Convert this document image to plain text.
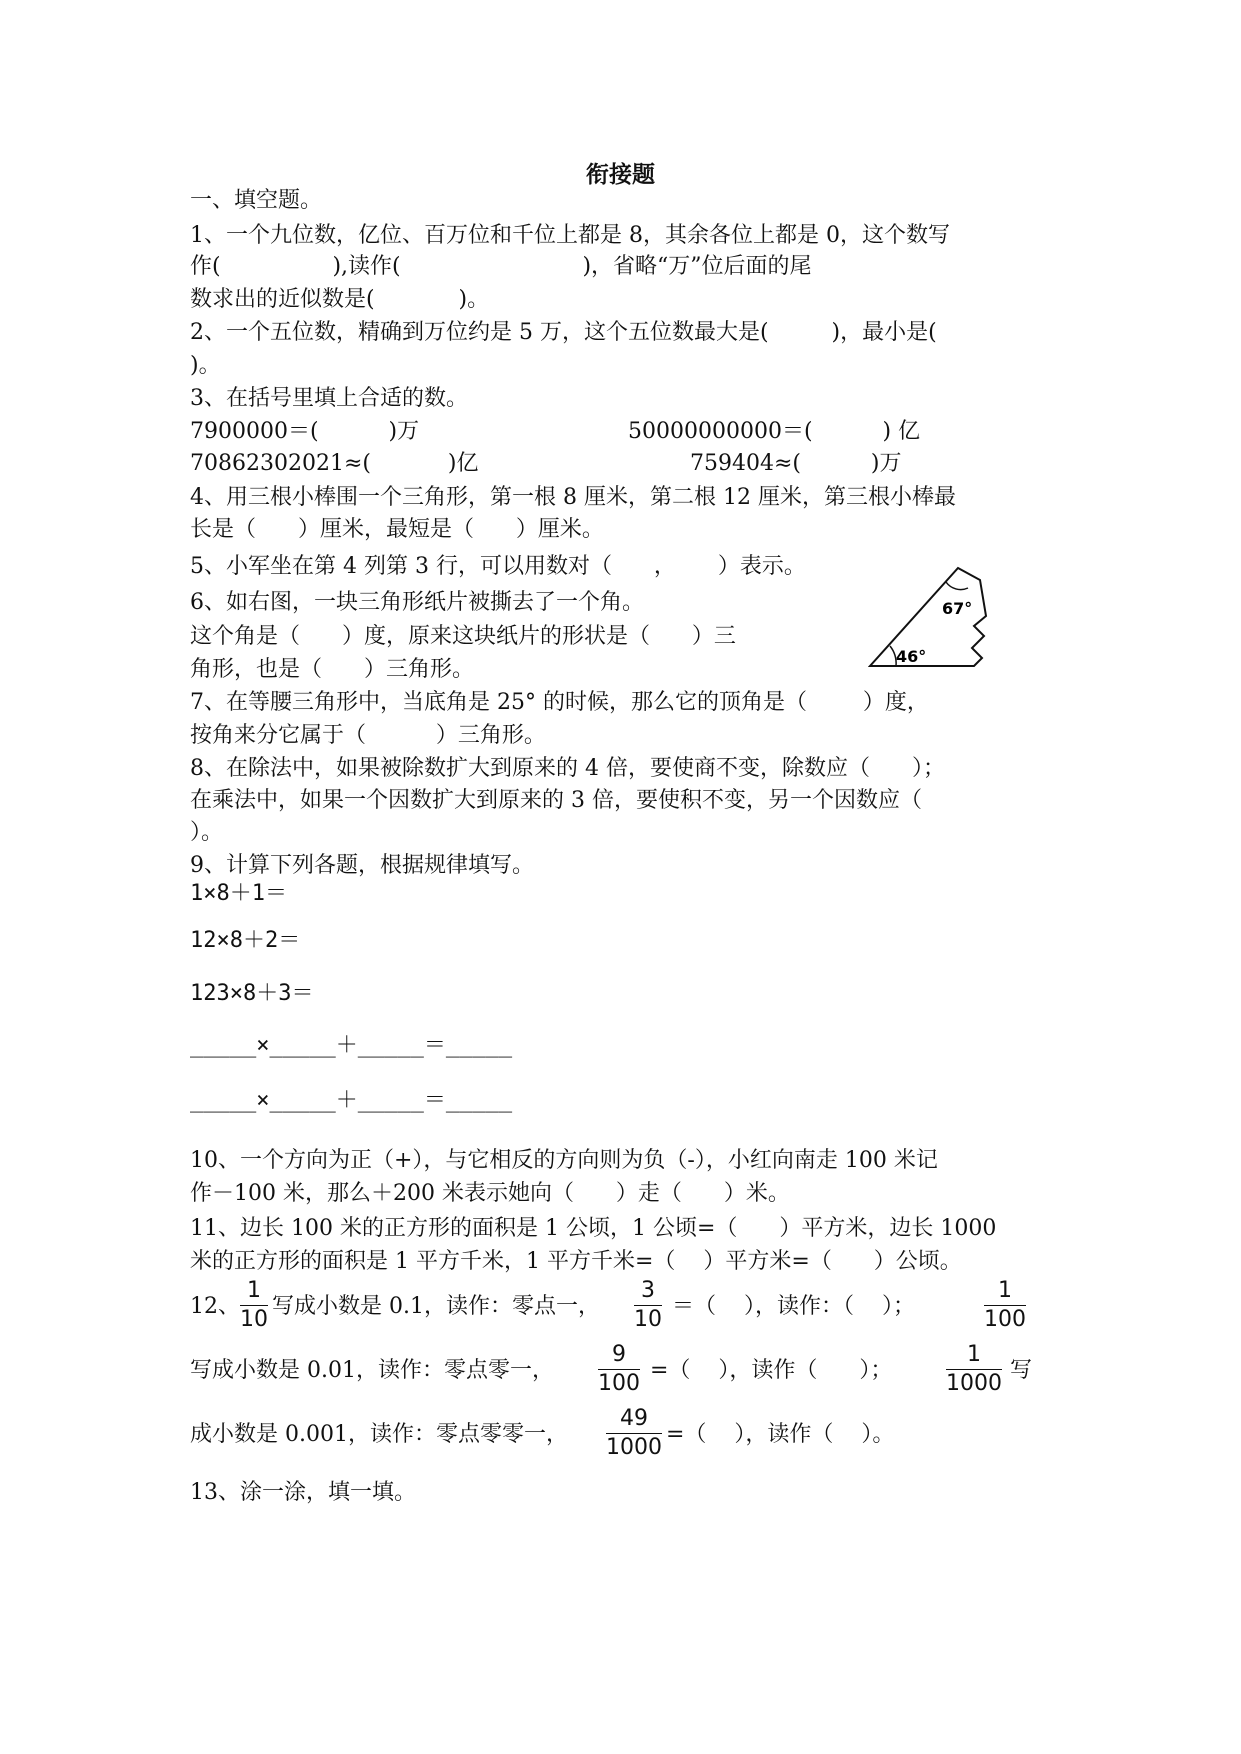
衔接题
一、填空题。
1、一个九位数，亿位、百万位和千位上都是 8，其余各位上都是 0，这个数写
作(                ),读作(                          )，省略“万”位后面的尾
数求出的近似数是(            )。
2、一个五位数，精确到万位约是 5 万，这个五位数最大是(         )，最小是(
)。
3、在括号里填上合适的数。
7900000＝(          )万	50000000000＝(          ) 亿
70862302021≈(           )亿	759404≈(          )万
4、用三根小棒围一个三角形，第一根 8 厘米，第二根 12 厘米，第三根小棒最
长是（      ）厘米，最短是（      ）厘米。
5、小军坐在第 4 列第 3 行，可以用数对（      ，      ）表示。
6、如右图，一块三角形纸片被撕去了一个角。
这个角是（      ）度，原来这块纸片的形状是（      ）三
角形，也是（      ）三角形。
67°
46°
7、在等腰三角形中，当底角是 25° 的时候，那么它的顶角是（        ）度，
按角来分它属于（          ）三角形。
8、在除法中，如果被除数扩大到原来的 4 倍，要使商不变，除数应（      ）；
在乘法中，如果一个因数扩大到原来的 3 倍，要使积不变，另一个因数应（
）。
9、计算下列各题，根据规律填写。
1×8＋1＝
12×8＋2＝
123×8＋3＝
_____×_____＋_____＝_____
_____×_____＋_____＝_____
10、一个方向为正（+），与它相反的方向则为负（-），小红向南走 100 米记
作－100 米，那么＋200 米表示她向（      ）走（      ）米。
11、边长 100 米的正方形的面积是 1 公顷，1 公顷=（      ）平方米，边长 1000
米的正方形的面积是 1 平方千米，1 平方千米=（    ）平方米=（      ）公顷。
12、 $\frac{1}{10}$ 写成小数是 0.1，读作：零点一， $\frac{3}{10}$ ＝（    ），读作：（    ）；	$\frac{1}{100}$
写成小数是 0.01，读作：零点零一， $\frac{9}{100}$ =（    ），读作（      ）； $\frac{1}{1000}$ 写
成小数是 0.001，读作：零点零零一， $\frac{49}{1000}$ =（    ），读作（    ）。
13、涂一涂，填一填。
